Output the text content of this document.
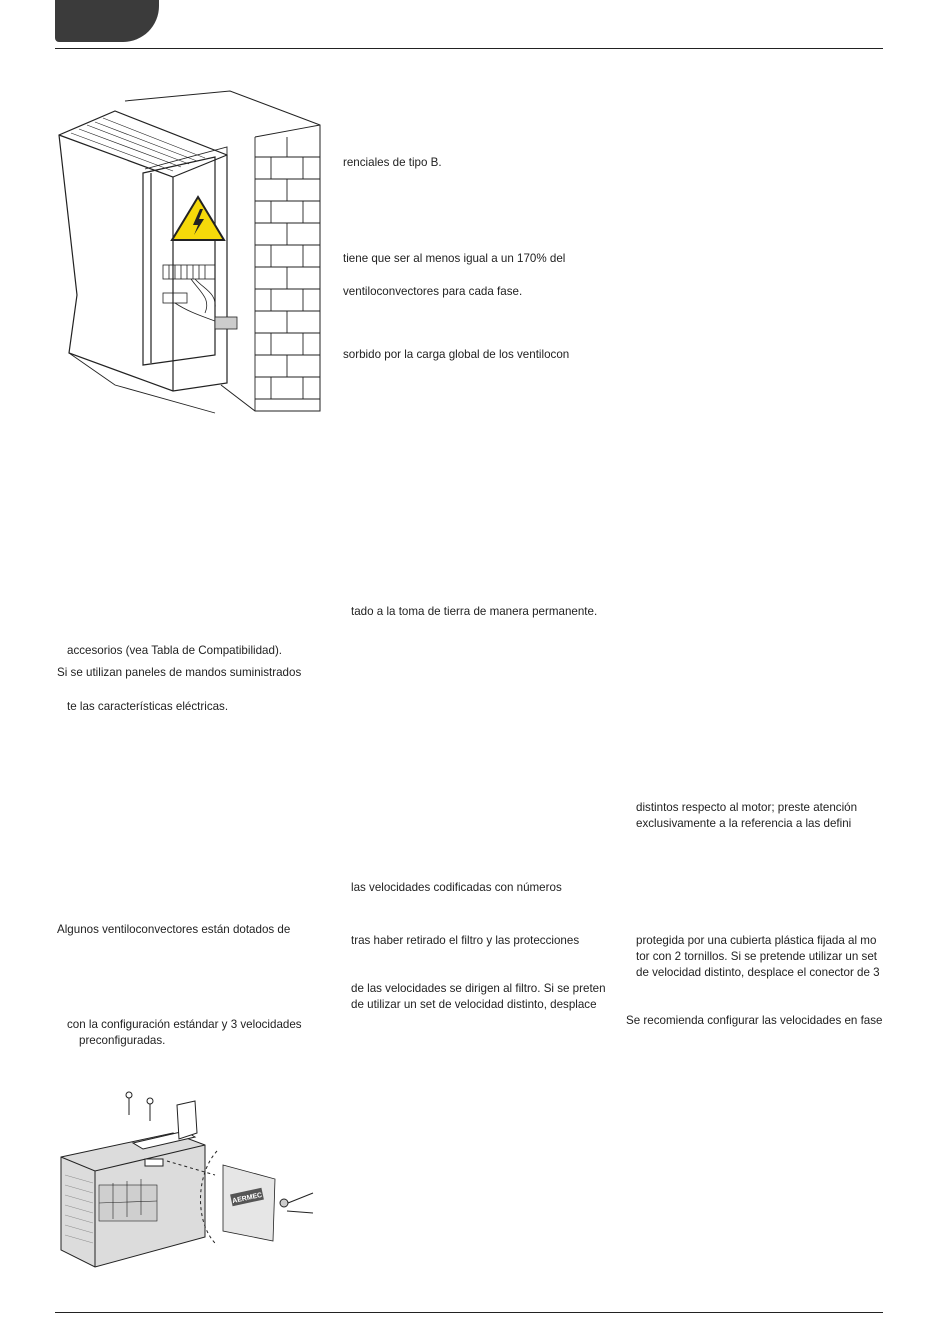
AERMEC
renciales de tipo B.
tiene que ser al menos igual a un 170% del
ventiloconvectores para cada fase.
sorbido por la carga global de los ventilocon
tado a la toma de tierra de manera permanente.
las velocidades codificadas con números
tras haber retirado el filtro y las protecciones
de las velocidades se dirigen al filtro. Si se preten
de utilizar un set de velocidad distinto, desplace
accesorios (vea Tabla de Compatibilidad).
Si se utilizan paneles de mandos suministrados
te las características eléctricas.
Algunos ventiloconvectores están dotados de
con la configuración estándar y 3 velocidades
preconfiguradas.
distintos respecto al motor; preste atención
exclusivamente a la referencia a las defini
protegida por una cubierta plástica fijada al mo
tor con 2 tornillos. Si se pretende utilizar un set
de velocidad distinto, desplace el conector de 3
Se recomienda configurar las velocidades en fase
